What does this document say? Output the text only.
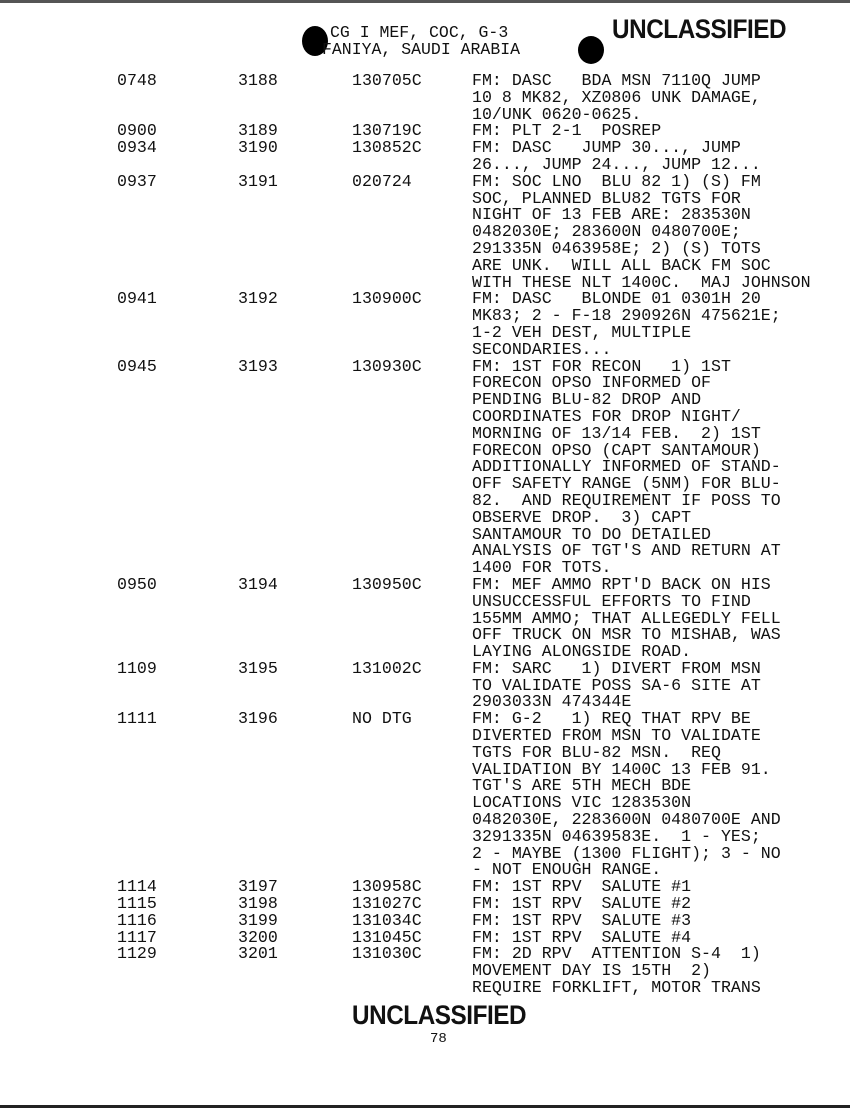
CG I MEF, COC, G-3
FANIYA, SAUDI ARABIA
UNCLASSIFIED
0748	3188	130705C	FM: DASC   BDA MSN 7110Q JUMP
10 8 MK82, XZ0806 UNK DAMAGE,
10/UNK 0620-0625.
0900	3189	130719C	FM: PLT 2-1  POSREP
0934	3190	130852C	FM: DASC   JUMP 30..., JUMP
26..., JUMP 24..., JUMP 12...
0937	3191	020724	FM: SOC LNO  BLU 82 1) (S) FM
SOC, PLANNED BLU82 TGTS FOR
NIGHT OF 13 FEB ARE: 283530N
0482030E; 283600N 0480700E;
291335N 0463958E; 2) (S) TOTS
ARE UNK.  WILL ALL BACK FM SOC
WITH THESE NLT 1400C.  MAJ JOHNSON
0941	3192	130900C	FM: DASC   BLONDE 01 0301H 20
MK83; 2 - F-18 290926N 475621E;
1-2 VEH DEST, MULTIPLE
SECONDARIES...
0945	3193	130930C	FM: 1ST FOR RECON   1) 1ST
FORECON OPSO INFORMED OF
PENDING BLU-82 DROP AND
COORDINATES FOR DROP NIGHT/
MORNING OF 13/14 FEB.  2) 1ST
FORECON OPSO (CAPT SANTAMOUR)
ADDITIONALLY INFORMED OF STAND-
OFF SAFETY RANGE (5NM) FOR BLU-
82.  AND REQUIREMENT IF POSS TO
OBSERVE DROP.  3) CAPT
SANTAMOUR TO DO DETAILED
ANALYSIS OF TGT'S AND RETURN AT
1400 FOR TOTS.
0950	3194	130950C	FM: MEF AMMO RPT'D BACK ON HIS
UNSUCCESSFUL EFFORTS TO FIND
155MM AMMO; THAT ALLEGEDLY FELL
OFF TRUCK ON MSR TO MISHAB, WAS
LAYING ALONGSIDE ROAD.
1109	3195	131002C	FM: SARC   1) DIVERT FROM MSN
TO VALIDATE POSS SA-6 SITE AT
2903033N 474344E
1111	3196	NO DTG	FM: G-2   1) REQ THAT RPV BE
DIVERTED FROM MSN TO VALIDATE
TGTS FOR BLU-82 MSN.  REQ
VALIDATION BY 1400C 13 FEB 91.
TGT'S ARE 5TH MECH BDE
LOCATIONS VIC 1283530N
0482030E, 2283600N 0480700E AND
3291335N 04639583E.  1 - YES;
2 - MAYBE (1300 FLIGHT); 3 - NO
- NOT ENOUGH RANGE.
1114	3197	130958C	FM: 1ST RPV  SALUTE #1
1115	3198	131027C	FM: 1ST RPV  SALUTE #2
1116	3199	131034C	FM: 1ST RPV  SALUTE #3
1117	3200	131045C	FM: 1ST RPV  SALUTE #4
1129	3201	131030C	FM: 2D RPV  ATTENTION S-4  1)
MOVEMENT DAY IS 15TH  2)
REQUIRE FORKLIFT, MOTOR TRANS
UNCLASSIFIED
78
